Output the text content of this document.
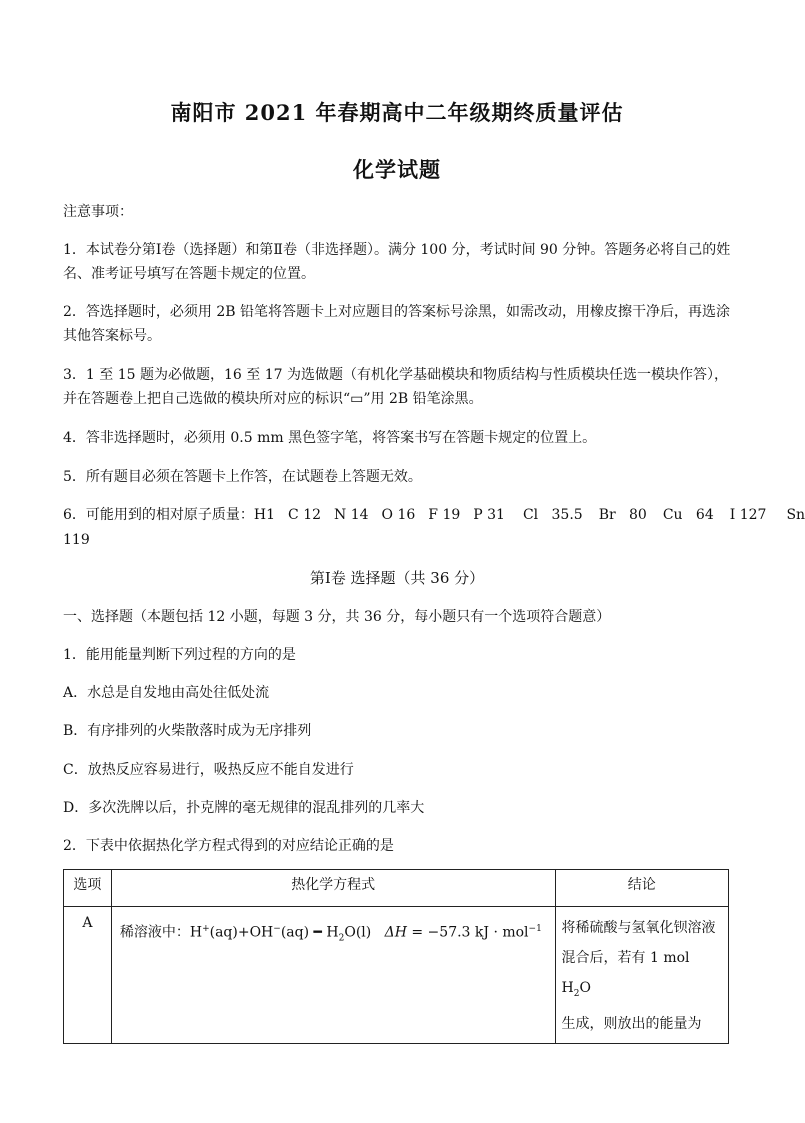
南阳市 2021 年春期高中二年级期终质量评估
化学试题
注意事项：
1．本试卷分第Ⅰ卷（选择题）和第Ⅱ卷（非选择题）。满分 100 分，考试时间 90 分钟。答题务必将自己的姓名、准考证号填写在答题卡规定的位置。
2．答选择题时，必须用 2B 铅笔将答题卡上对应题目的答案标号涂黑，如需改动，用橡皮擦干净后，再选涂其他答案标号。
3．1 至 15 题为必做题，16 至 17 为选做题（有机化学基础模块和物质结构与性质模块任选一模块作答），并在答题卷上把自己选做的模块所对应的标识“▭”用 2B 铅笔涂黑。
4．答非选择题时，必须用 0.5 mm 黑色签字笔，将答案书写在答题卡规定的位置上。
5．所有题目必须在答题卡上作答，在试题卷上答题无效。
6．可能用到的相对原子质量：H1 C 12 N 14 O 16 F 19 P 31 Cl   35.5 Br   80 Cu   64 I 127 Sn
119
第Ⅰ卷 选择题（共 36 分）
一、选择题（本题包括 12 小题，每题 3 分，共 36 分，每小题只有一个选项符合题意）
1．能用能量判断下列过程的方向的是
A．水总是自发地由高处往低处流
B．有序排列的火柴散落时成为无序排列
C．放热反应容易进行，吸热反应不能自发进行
D．多次洗牌以后，扑克牌的毫无规律的混乱排列的几率大
2．下表中依据热化学方程式得到的对应结论正确的是
选项	热化学方程式	结论

A	稀溶液中：H+(aq)+OH−(aq) ━ $H_2O(l) \Delta H = -57.3$ kJ · mol$^{-1}$	将稀硫酸与氢氧化钡溶液
混合后，若有 1 mol $H_2O$
生成，则放出的能量为
